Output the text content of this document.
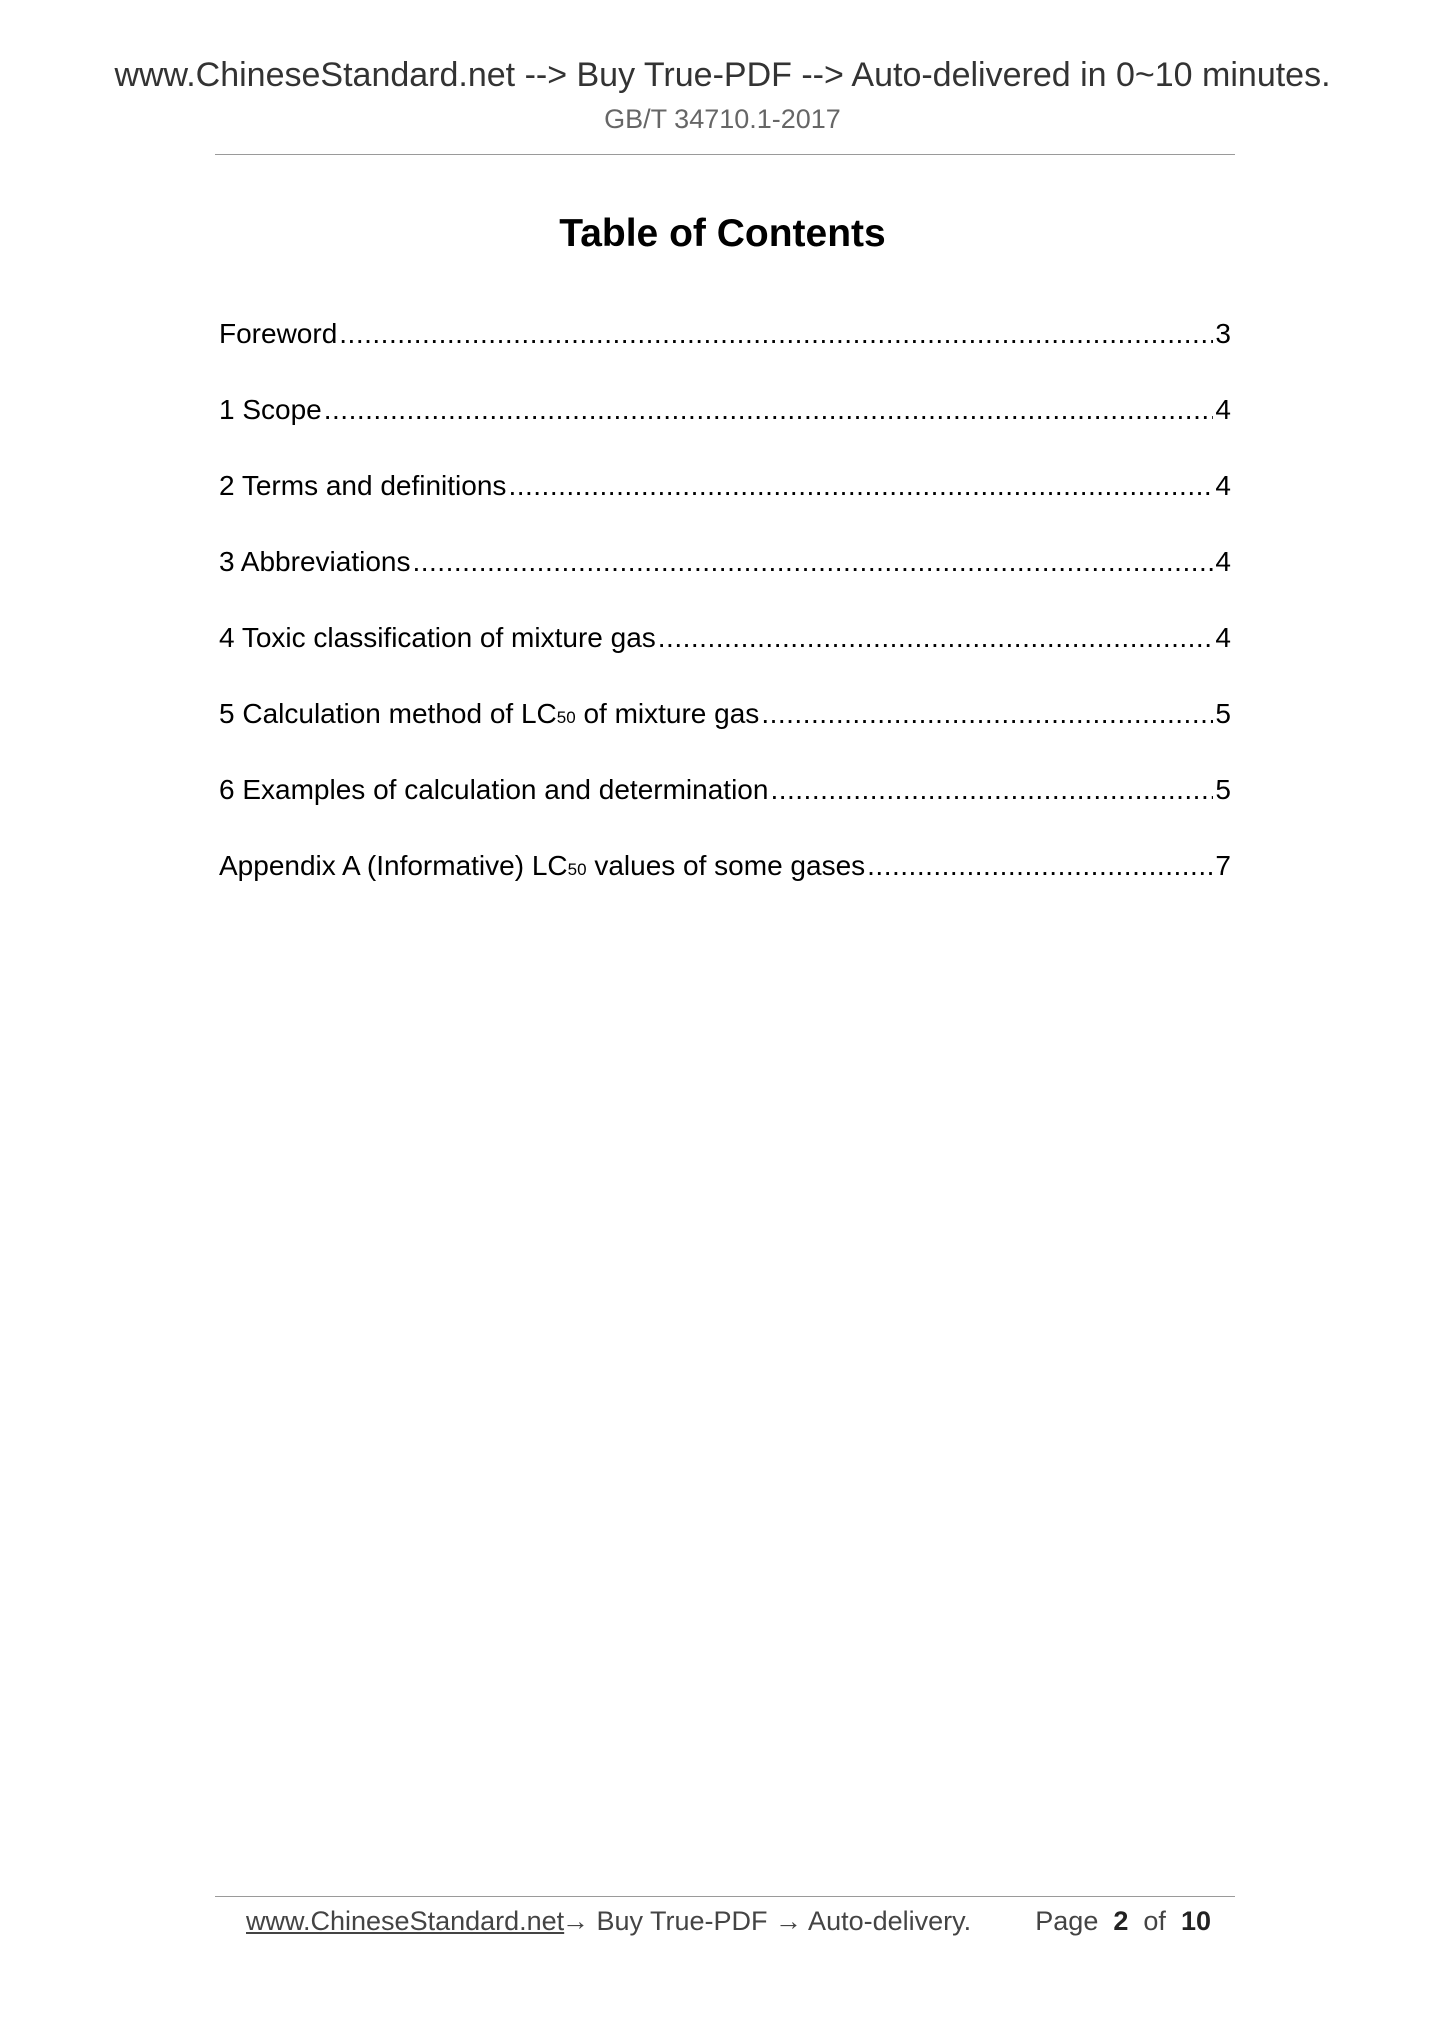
www.ChineseStandard.net --> Buy True-PDF --> Auto-delivered in 0~10 minutes.
GB/T 34710.1-2017
Table of Contents
Foreword .....	3
1 Scope .....	4
2 Terms and definitions .....	4
3 Abbreviations .....	4
4 Toxic classification of mixture gas .....	4
5 Calculation method of LC50 of mixture gas .....	5
6 Examples of calculation and determination .....	5
Appendix A (Informative) LC50 values of some gases .....	7
www.ChineseStandard.net
→ Buy True-PDF → Auto-delivery. Page 2 of 10
